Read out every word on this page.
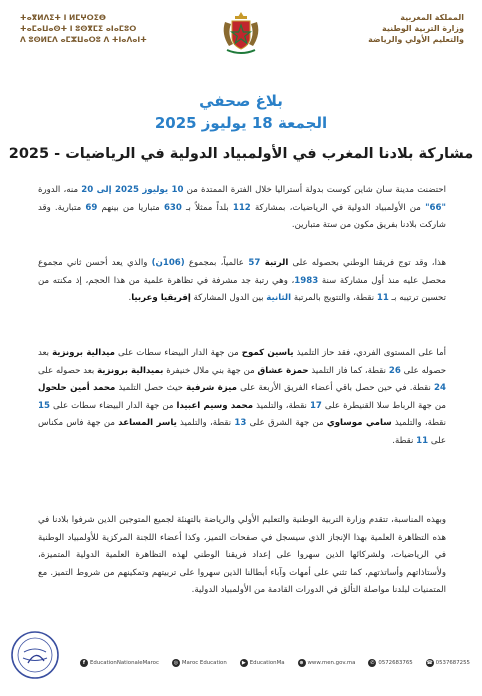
المملكة المغربية
وزارة التربية الوطنية
والتعليم الأولي والرياضة
ⵜⴰⴳⵍⴷⵉⵜ ⵏ ⵍⵎⵖⵔⵉⴱ
ⵜⴰⵎⴰⵡⴰⵙⵜ ⵏ ⵓⵙⴳⵎⵉ ⴰⵏⴰⵎⵓⵔ
ⴷ ⵓⵙⵍⵎⴷ ⴰⵎⵣⵡⴰⵔⵓ ⴷ ⵜⵏⴰⴷⴰⵏⵜ
بلاغ صحفي
الجمعة 18 يوليوز 2025
مشاركة بلادنا المغرب في الأولمبياد الدولية في الرياضيات - 2025
احتضنت مدينة سان شاين كوست بدولة أستراليا خلال الفترة الممتدة من 10 يوليوز 2025 إلى 20 منه، الدورة "66" من الأولمبياد الدولية في الرياضيات، بمشاركة 112 بلداً ممثلاً بـ 630 متباريا من بينهم 69 متبارية. وقد شاركت بلادنا بفريق مكون من ستة متبارين.
هذا، وقد توج فريقنا الوطني بحصوله على الرتبة 57 عالمياً، بمجموع (106ن) والذي يعد أحسن ثاني مجموع محصل عليه منذ أول مشاركة سنة 1983، وهي رتبة جد مشرفة في تظاهرة علمية من هذا الحجم، إذ مكنته من تحسين ترتيبه بـ 11 نقطة، والتتويج بالمرتبة الثانية بين الدول المشاركة إفريقيا وعربيا.
أما على المستوى الفردي، فقد حاز التلميذ ياسين كموح من جهة الدار البيضاء سطات على ميدالية برونزية بعد حصوله على 26 نقطة، كما فاز التلميذ حمزة عشاق من جهة بني ملال خنيفرة بميدالية برونزية بعد حصوله على 24 نقطة. في حين حصل باقي أعضاء الفريق الأربعة على ميزة شرفية حيث حصل التلميذ محمد أمين حلحول من جهة الرباط سلا القنيطرة على 17 نقطة، والتلميذ محمد وسيم اعبيدا من جهة الدار البيضاء سطات على 15 نقطة، والتلميذ سامي موساوي من جهة الشرق على 13 نقطة، والتلميذ ياسر المساعد من جهة فاس مكناس على 11 نقطة.
وبهذه المناسبة، تتقدم وزارة التربية الوطنية والتعليم الأولي والرياضة بالتهنئة لجميع المتوجين الذين شرفوا بلادنا في هذه التظاهرة العلمية بهذا الإنجاز الذي سيسجل في صفحات التميز، وكذا أعضاء اللجنة المركزية للأولمبياد الوطنية في الرياضيات، ولشركائها الذين سهروا على إعداد فريقنا الوطني لهذه التظاهرة العلمية الدولية المتميزة، ولأستاذاتهم وأساتذتهم، كما تثني على أمهات وآباء أبطالنا الذين سهروا على تربيتهم وتمكينهم من شروط التميز. مع المتمنيات لبلدنا مواصلة التألق في الدورات القادمة من الأولمبياد الدولية.
f EducationNationaleMaroc	◎ Maroc Education	▶ EducationMa	⊕ www.men.gov.ma	✆ 0572683765	☎ 0537687255
